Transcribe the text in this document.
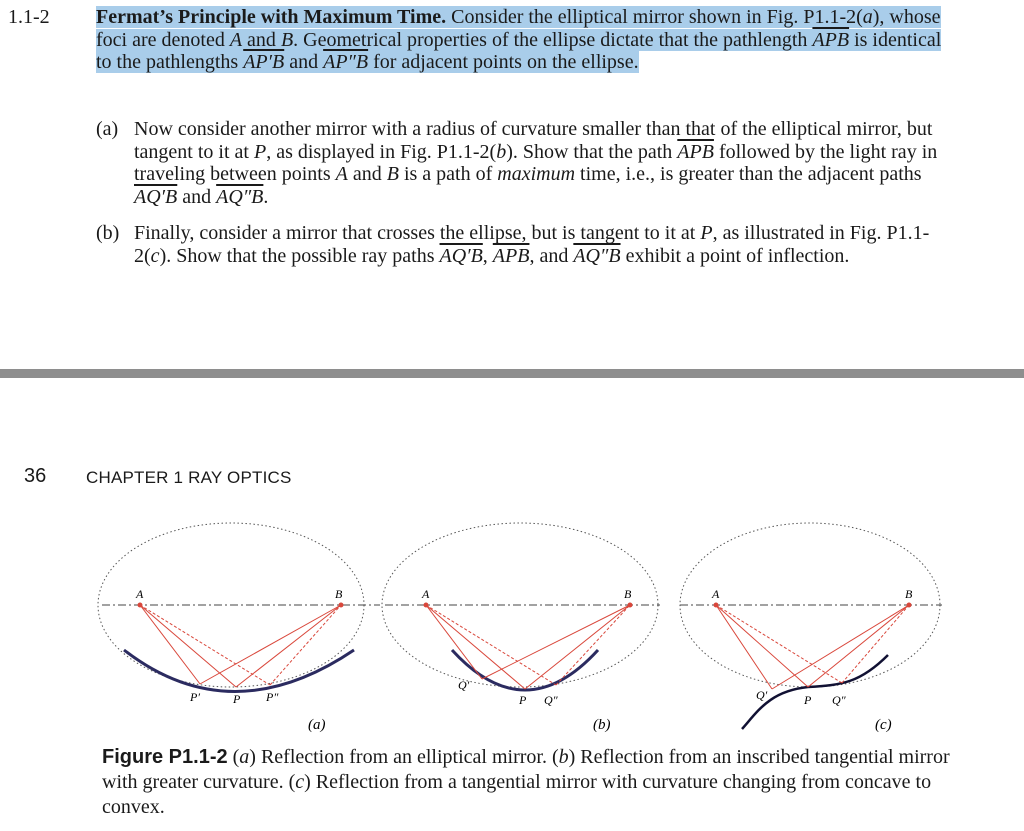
1.1-2 Fermat’s Principle with Maximum Time. Consider the elliptical mirror shown in Fig. P1.1-2(a), whose foci are denoted A and B. Geometrical properties of the ellipse dictate that the pathlength $\overline{APB}$ is identical to the pathlengths AP′B and AP″B for adjacent points on the ellipse.
(a) Now consider another mirror with a radius of curvature smaller than that of the elliptical mirror, but tangent to it at P, as displayed in Fig. P1.1-2(b). Show that the path $\overline{APB}$ followed by the light ray in traveling between points A and B is a path of maximum time, i.e., is greater than the adjacent paths AQ′B and AQ″B.
(b) Finally, consider a mirror that crosses the ellipse, but is tangent to it at P, as illustrated in Fig. P1.1-2(c). Show that the possible ray paths AQ′B, $\overline{APB}$, and AQ″B exhibit a point of inflection.
36 CHAPTER 1 RAY OPTICS
A	B
P′	P P″
(a)
A	B
Q′
P Q″
(b)
A	B
Q′	P Q″
(c)
Figure P1.1-2 (a) Reflection from an elliptical mirror. (b) Reflection from an inscribed tangential mirror with greater curvature. (c) Reflection from a tangential mirror with curvature changing from concave to convex.
